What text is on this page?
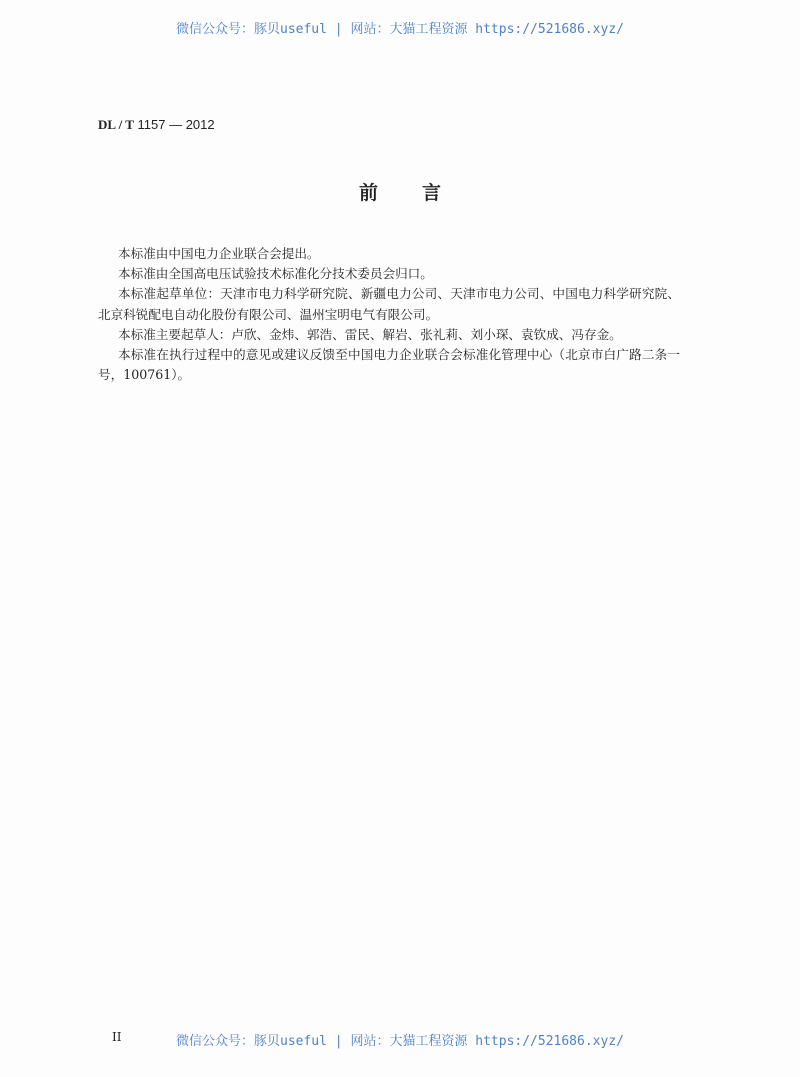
微信公众号：豚贝useful | 网站：大猫工程资源 https://521686.xyz/
DL / T 1157 — 2012
前言

本标准由中国电力企业联合会提出。

本标准由全国高电压试验技术标准化分技术委员会归口。

本标准起草单位：天津市电力科学研究院、新疆电力公司、天津市电力公司、中国电力科学研究院、北京科锐配电自动化股份有限公司、温州宝明电气有限公司。

本标准主要起草人：卢欣、金炜、郭浩、雷民、解岩、张礼莉、刘小琛、袁钦成、冯存金。

本标准在执行过程中的意见或建议反馈至中国电力企业联合会标准化管理中心（北京市白广路二条一号，100761）。

II	微信公众号：豚贝useful | 网站：大猫工程资源 https://521686.xyz/
